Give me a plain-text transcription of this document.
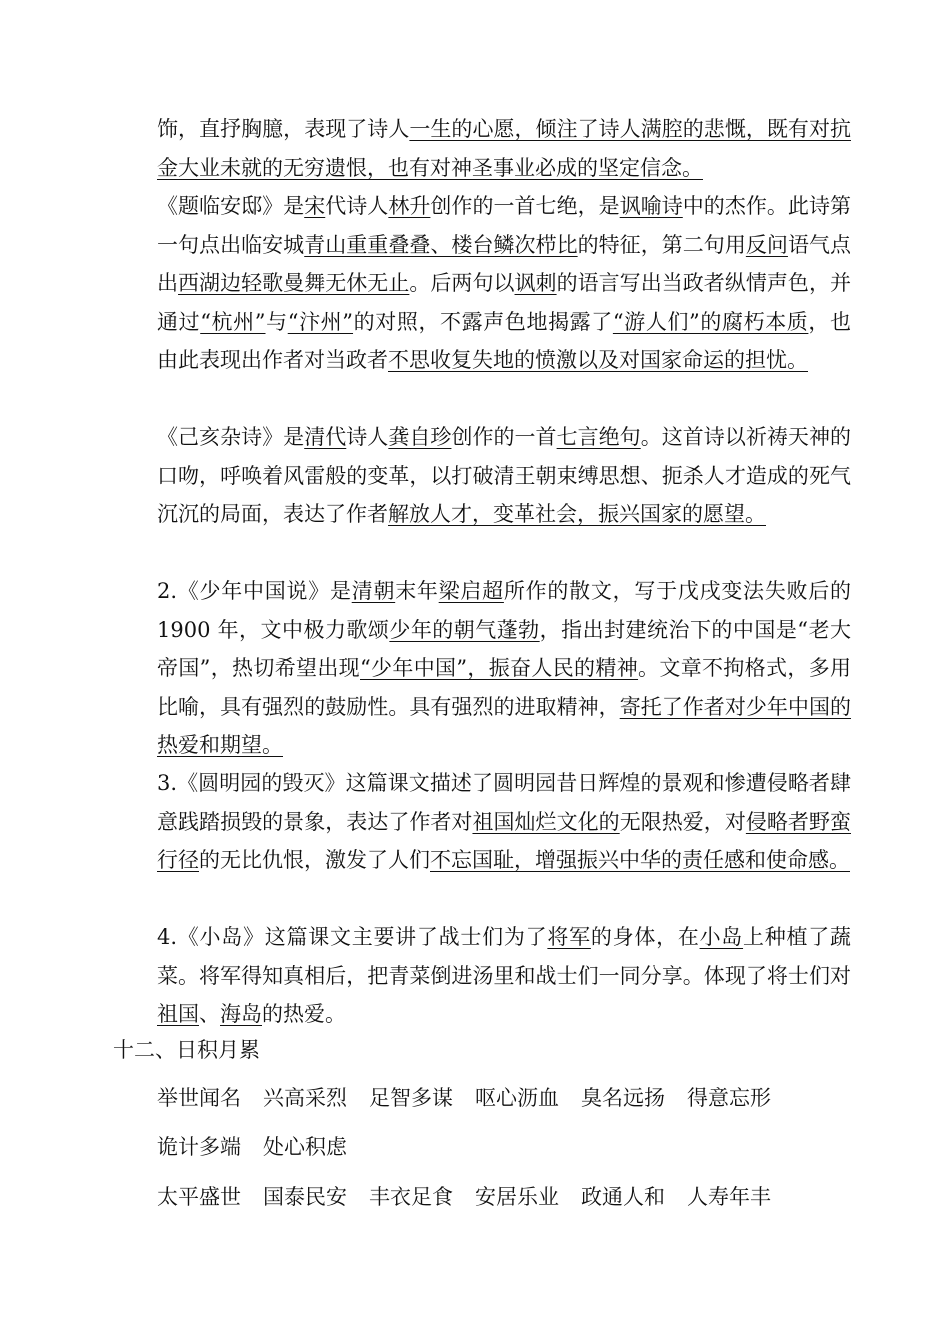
饰，直抒胸臆，表现了诗人一生的心愿，倾注了诗人满腔的悲慨，既有对抗金大业未就的无穷遗恨，也有对神圣事业必成的坚定信念。
《题临安邸》是宋代诗人林升创作的一首七绝，是讽喻诗中的杰作。此诗第一句点出临安城青山重重叠叠、楼台鳞次栉比的特征，第二句用反问语气点出西湖边轻歌曼舞无休无止。后两句以讽刺的语言写出当政者纵情声色，并通过“杭州”与“汴州”的对照，不露声色地揭露了“游人们”的腐朽本质，也由此表现出作者对当政者不思收复失地的愤激以及对国家命运的担忧。
《己亥杂诗》是清代诗人龚自珍创作的一首七言绝句。这首诗以祈祷天神的口吻，呼唤着风雷般的变革，以打破清王朝束缚思想、扼杀人才造成的死气沉沉的局面，表达了作者解放人才，变革社会，振兴国家的愿望。
2.《少年中国说》是清朝末年梁启超所作的散文，写于戊戌变法失败后的 1900 年，文中极力歌颂少年的朝气蓬勃，指出封建统治下的中国是“老大帝国”，热切希望出现“少年中国”，振奋人民的精神。文章不拘格式，多用比喻，具有强烈的鼓励性。具有强烈的进取精神，寄托了作者对少年中国的热爱和期望。
3.《圆明园的毁灭》这篇课文描述了圆明园昔日辉煌的景观和惨遭侵略者肆意践踏损毁的景象，表达了作者对祖国灿烂文化的无限热爱，对侵略者野蛮行径的无比仇恨，激发了人们不忘国耻，增强振兴中华的责任感和使命感。
4.《小岛》这篇课文主要讲了战士们为了将军的身体，在小岛上种植了蔬菜。将军得知真相后，把青菜倒进汤里和战士们一同分享。体现了将士们对祖国、海岛的热爱。
十二、日积月累
举世闻名 兴高采烈 足智多谋 呕心沥血 臭名远扬 得意忘形
诡计多端 处心积虑
太平盛世 国泰民安 丰衣足食 安居乐业 政通人和 人寿年丰
